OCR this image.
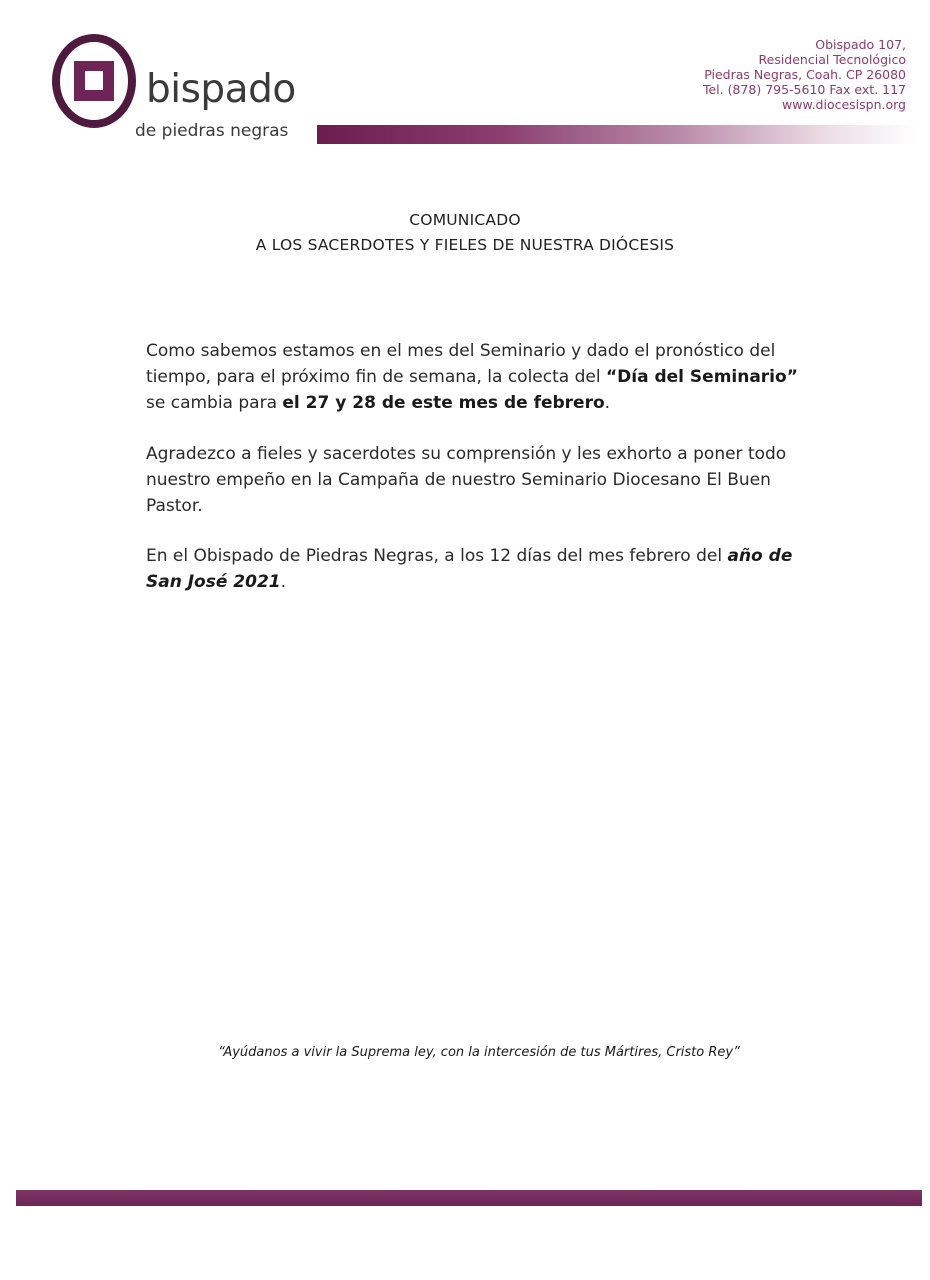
bispado
de piedras negras
Obispado 107,
Residencial Tecnológico
Piedras Negras, Coah. CP 26080
Tel. (878) 795-5610 Fax ext. 117
www.diocesispn.org
COMUNICADO
A LOS SACERDOTES Y FIELES DE NUESTRA DIÓCESIS

Como sabemos estamos en el mes del Seminario y dado el pronóstico del tiempo, para el próximo fin de semana, la colecta del “Día del Seminario” se cambia para el 27 y 28 de este mes de febrero.

Agradezco a fieles y sacerdotes su comprensión y les exhorto a poner todo nuestro empeño en la Campaña de nuestro Seminario Diocesano El Buen Pastor.

En el Obispado de Piedras Negras, a los 12 días del mes febrero del año de San José 2021.

“Ayúdanos a vivir la Suprema ley, con la intercesión de tus Mártires, Cristo Rey”
